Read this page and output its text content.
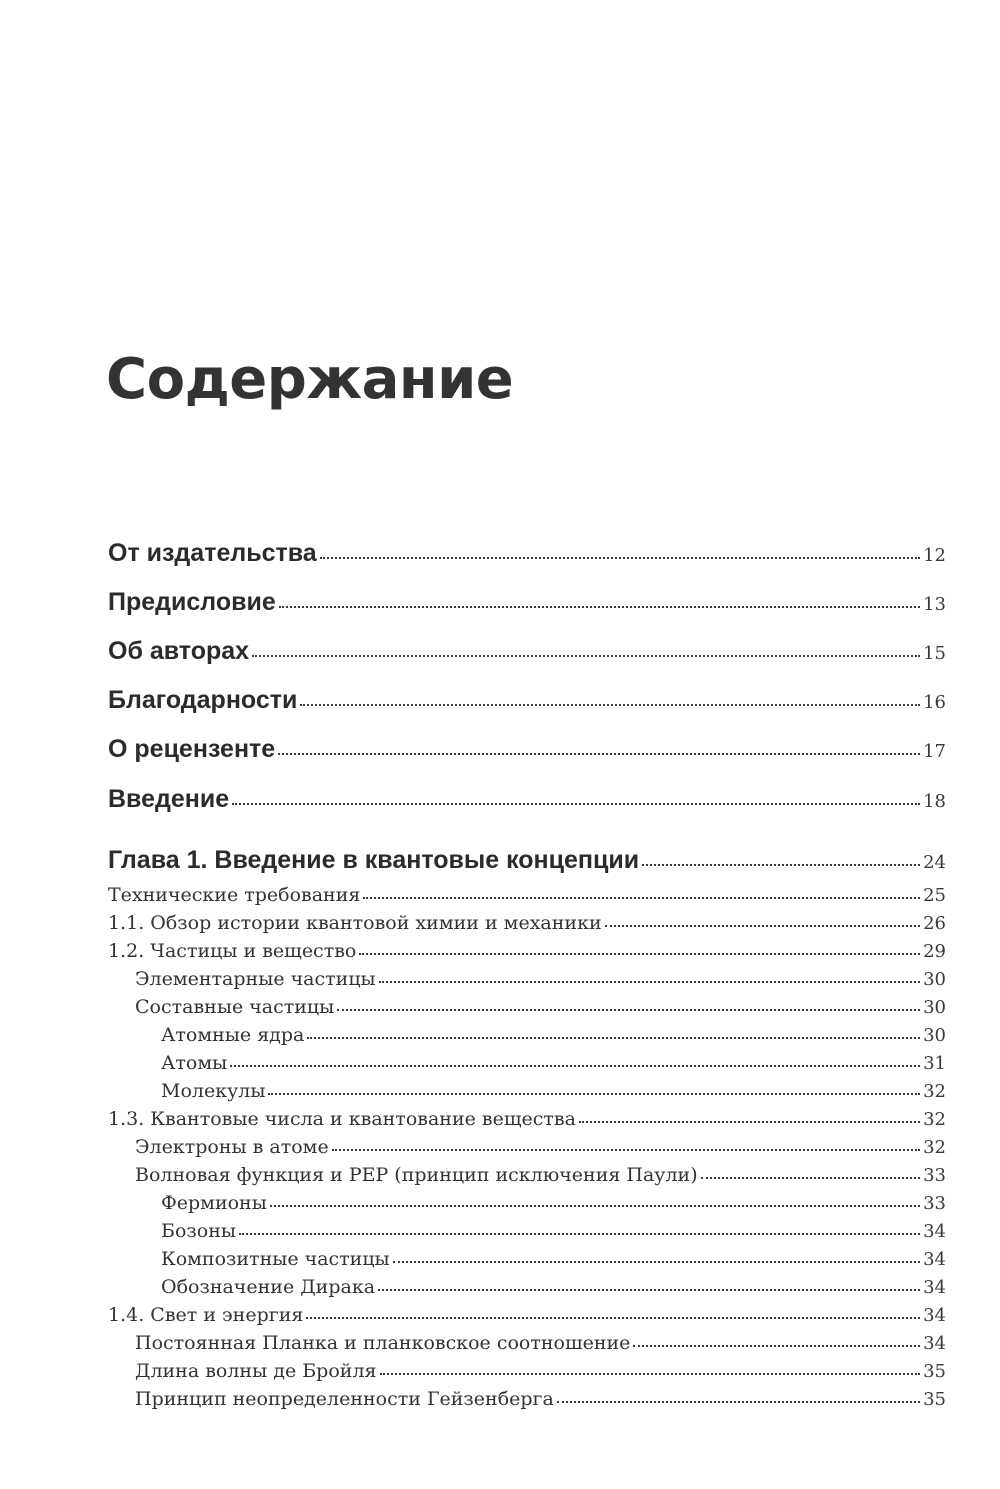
Содержание
От издательства	12
Предисловие	13
Об авторах	15
Благодарности	16
О рецензенте	17
Введение	18
Глава 1. Введение в квантовые концепции	24
Технические требования	25
1.1. Обзор истории квантовой химии и механики	26
1.2. Частицы и вещество	29
Элементарные частицы	30
Составные частицы	30
Атомные ядра	30
Атомы	31
Молекулы	32
1.3. Квантовые числа и квантование вещества	32
Электроны в атоме	32
Волновая функция и PEP (принцип исключения Паули)	33
Фермионы	33
Бозоны	34
Композитные частицы	34
Обозначение Дирака	34
1.4. Свет и энергия	34
Постоянная Планка и планковское соотношение	34
Длина волны де Бройля	35
Принцип неопределенности Гейзенберга	35
